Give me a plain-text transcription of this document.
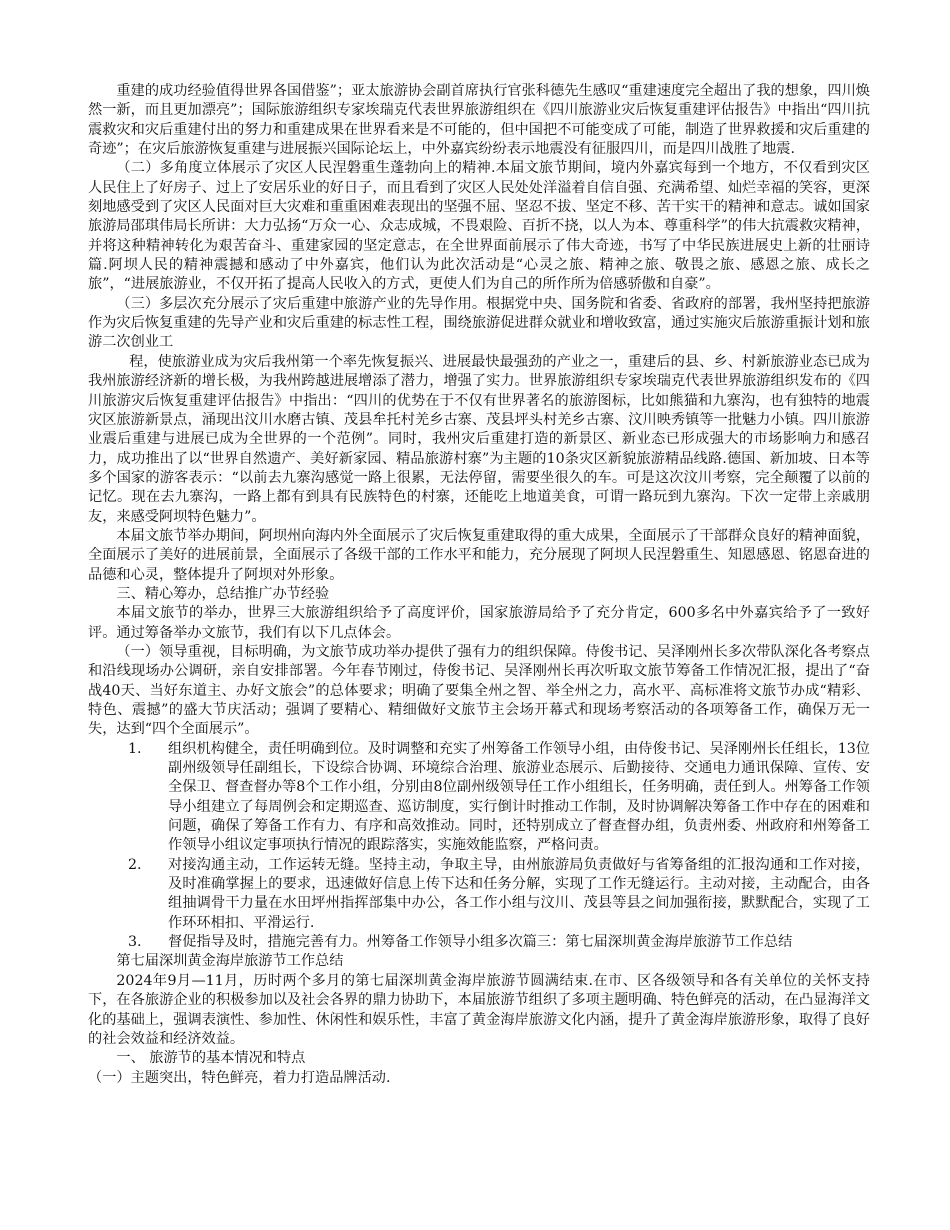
重建的成功经验值得世界各国借鉴”；亚太旅游协会副首席执行官张科德先生感叹“重建速度完全超出了我的想象，四川焕然一新，而且更加漂亮”；国际旅游组织专家埃瑞克代表世界旅游组织在《四川旅游业灾后恢复重建评估报告》中指出“四川抗震救灾和灾后重建付出的努力和重建成果在世界看来是不可能的，但中国把不可能变成了可能，制造了世界救援和灾后重建的奇迹”；在灾后旅游恢复重建与进展振兴国际论坛上，中外嘉宾纷纷表示地震没有征服四川，而是四川战胜了地震.

（二）多角度立体展示了灾区人民涅磐重生蓬勃向上的精神.本届文旅节期间，境内外嘉宾每到一个地方，不仅看到灾区人民住上了好房子、过上了安居乐业的好日子，而且看到了灾区人民处处洋溢着自信自强、充满希望、灿烂幸福的笑容，更深刻地感受到了灾区人民面对巨大灾难和重重困难表现出的坚强不屈、坚忍不拔、坚定不移、苦干实干的精神和意志。诚如国家旅游局邵琪伟局长所讲：大力弘扬“万众一心、众志成城，不畏艰险、百折不挠，以人为本、尊重科学”的伟大抗震救灾精神，并将这种精神转化为艰苦奋斗、重建家园的坚定意志，在全世界面前展示了伟大奇迹，书写了中华民族进展史上新的壮丽诗篇.阿坝人民的精神震撼和感动了中外嘉宾，他们认为此次活动是“心灵之旅、精神之旅、敬畏之旅、感恩之旅、成长之旅”，“进展旅游业，不仅开拓了提高人民收入的方式，更使人们为自己的所作所为倍感骄傲和自豪”。

（三）多层次充分展示了灾后重建中旅游产业的先导作用。根据党中央、国务院和省委、省政府的部署，我州坚持把旅游作为灾后恢复重建的先导产业和灾后重建的标志性工程，围绕旅游促进群众就业和增收致富，通过实施灾后旅游重振计划和旅游二次创业工

程，使旅游业成为灾后我州第一个率先恢复振兴、进展最快最强劲的产业之一，重建后的县、乡、村新旅游业态已成为我州旅游经济新的增长极，为我州跨越进展增添了潜力，增强了实力。世界旅游组织专家埃瑞克代表世界旅游组织发布的《四川旅游灾后恢复重建评估报告》中指出：“四川的优势在于不仅有世界著名的旅游图标，比如熊猫和九寨沟，也有独特的地震灾区旅游新景点，涌现出汶川水磨古镇、茂县牟托村羌乡古寨、茂县坪头村羌乡古寨、汶川映秀镇等一批魅力小镇。四川旅游业震后重建与进展已成为全世界的一个范例”。同时，我州灾后重建打造的新景区、新业态已形成强大的市场影响力和感召力，成功推出了以“世界自然遗产、美好新家园、精品旅游村寨”为主题的10条灾区新貌旅游精品线路.德国、新加坡、日本等多个国家的游客表示：“以前去九寨沟感觉一路上很累，无法停留，需要坐很久的车。可是这次汶川考察，完全颠覆了以前的记忆。现在去九寨沟，一路上都有到具有民族特色的村寨，还能吃上地道美食，可谓一路玩到九寨沟。下次一定带上亲戚朋友，来感受阿坝特色魅力”。

本届文旅节举办期间，阿坝州向海内外全面展示了灾后恢复重建取得的重大成果，全面展示了干部群众良好的精神面貌，全面展示了美好的进展前景，全面展示了各级干部的工作水平和能力，充分展现了阿坝人民涅磐重生、知恩感恩、铭恩奋进的品德和心灵，整体提升了阿坝对外形象。

三、精心筹办，总结推广办节经验

本届文旅节的举办，世界三大旅游组织给予了高度评价，国家旅游局给予了充分肯定，600多名中外嘉宾给予了一致好评。通过筹备举办文旅节，我们有以下几点体会。

（一）领导重视，目标明确，为文旅节成功举办提供了强有力的组织保障。侍俊书记、吴泽刚州长多次带队深化各考察点和沿线现场办公调研，亲自安排部署。今年春节刚过，侍俊书记、吴泽刚州长再次听取文旅节筹备工作情况汇报，提出了“奋战40天、当好东道主、办好文旅会”的总体要求；明确了要集全州之智、举全州之力，高水平、高标准将文旅节办成“精彩、特色、震撼”的盛大节庆活动；强调了要精心、精细做好文旅节主会场开幕式和现场考察活动的各项筹备工作，确保万无一失，达到“四个全面展示”。

1. 组织机构健全，责任明确到位。及时调整和充实了州筹备工作领导小组，由侍俊书记、吴泽刚州长任组长，13位副州级领导任副组长，下设综合协调、环境综合治理、旅游业态展示、后勤接待、交通电力通讯保障、宣传、安全保卫、督查督办等8个工作小组，分别由8位副州级领导任工作小组组长，任务明确，责任到人。州筹备工作领导小组建立了每周例会和定期巡查、巡访制度，实行倒计时推动工作制，及时协调解决筹备工作中存在的困难和问题，确保了筹备工作有力、有序和高效推动。同时，还特别成立了督查督办组，负责州委、州政府和州筹备工作领导小组议定事项执行情况的跟踪落实，实施效能监察，严格问责。

2. 对接沟通主动，工作运转无缝。坚持主动，争取主导，由州旅游局负责做好与省筹备组的汇报沟通和工作对接，及时准确掌握上的要求，迅速做好信息上传下达和任务分解，实现了工作无缝运行。主动对接，主动配合，由各组抽调骨干力量在水田坪州指挥部集中办公，各工作小组与汶川、茂县等县之间加强衔接，默默配合，实现了工作环环相扣、平滑运行.

3. 督促指导及时，措施完善有力。州筹备工作领导小组多次篇三：第七届深圳黄金海岸旅游节工作总结

第七届深圳黄金海岸旅游节工作总结

2024年9月—11月，历时两个多月的第七届深圳黄金海岸旅游节圆满结束.在市、区各级领导和各有关单位的关怀支持下，在各旅游企业的积极参加以及社会各界的鼎力协助下，本届旅游节组织了多项主题明确、特色鲜亮的活动，在凸显海洋文化的基础上，强调表演性、参加性、休闲性和娱乐性，丰富了黄金海岸旅游文化内涵，提升了黄金海岸旅游形象，取得了良好的社会效益和经济效益。

一、 旅游节的基本情况和特点

（一）主题突出，特色鲜亮，着力打造品牌活动.
